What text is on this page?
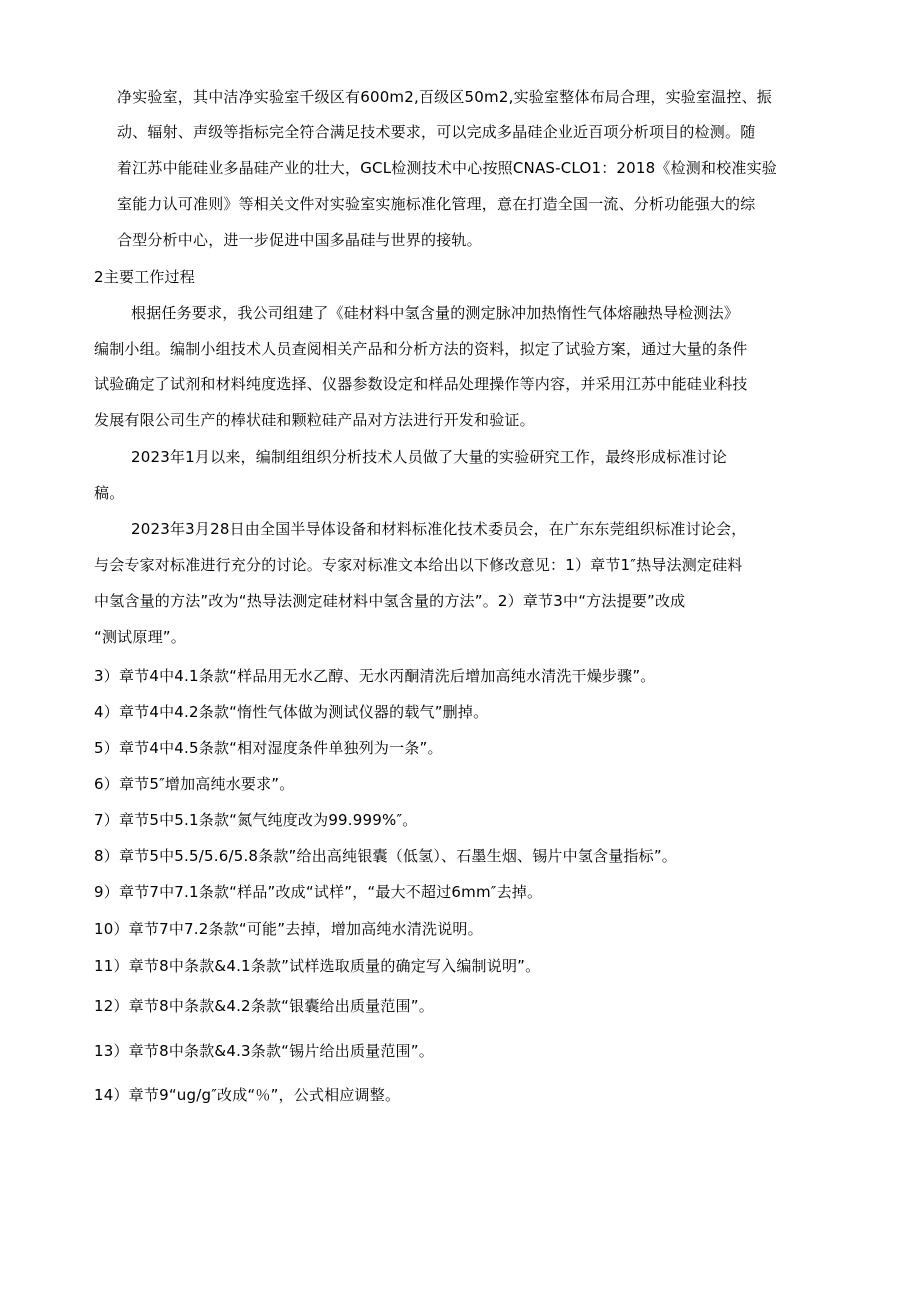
净实验室，其中洁净实验室千级区有600m2,百级区50m2,实验室整体布局合理，实验室温控、振
动、辐射、声级等指标完全符合满足技术要求，可以完成多晶硅企业近百项分析项目的检测。随
着江苏中能硅业多晶硅产业的壮大，GCL检测技术中心按照CNAS-CLO1：2018《检测和校准实验
室能力认可准则》等相关文件对实验室实施标准化管理，意在打造全国一流、分析功能强大的综
合型分析中心，进一步促进中国多晶硅与世界的接轨。
2主要工作过程
根据任务要求，我公司组建了《硅材料中氢含量的测定脉冲加热惰性气体熔融热导检测法》
编制小组。编制小组技术人员查阅相关产品和分析方法的资料，拟定了试验方案，通过大量的条件
试验确定了试剂和材料纯度选择、仪器参数设定和样品处理操作等内容，并采用江苏中能硅业科技
发展有限公司生产的棒状硅和颗粒硅产品对方法进行开发和验证。
2023年1月以来，编制组组织分析技术人员做了大量的实验研究工作，最终形成标准讨论
稿。
2023年3月28日由全国半导体设备和材料标准化技术委员会，在广东东莞组织标准讨论会，
与会专家对标准进行充分的讨论。专家对标准文本给出以下修改意见：1）章节1″热导法测定硅料
中氢含量的方法”改为“热导法测定硅材料中氢含量的方法”。2）章节3中“方法提要”改成
“测试原理”。
3）章节4中4.1条款“样品用无水乙醇、无水丙酮清洗后增加高纯水清洗干燥步骤”。
4）章节4中4.2条款“惰性气体做为测试仪器的载气”删掉。
5）章节4中4.5条款“相对湿度条件单独列为一条”。
6）章节5″增加高纯水要求”。
7）章节5中5.1条款“氮气纯度改为99.999%″。
8）章节5中5.5/5.6/5.8条款”给出高纯银囊（低氢）、石墨生烟、锡片中氢含量指标”。
9）章节7中7.1条款“样品”改成“试样”，“最大不超过6mm″去掉。
10）章节7中7.2条款“可能”去掉，增加高纯水清洗说明。
11）章节8中条款&4.1条款”试样选取质量的确定写入编制说明”。
12）章节8中条款&4.2条款“银囊给出质量范围”。
13）章节8中条款&4.3条款“锡片给出质量范围”。
14）章节9“ug/g″改成“％”，公式相应调整。
